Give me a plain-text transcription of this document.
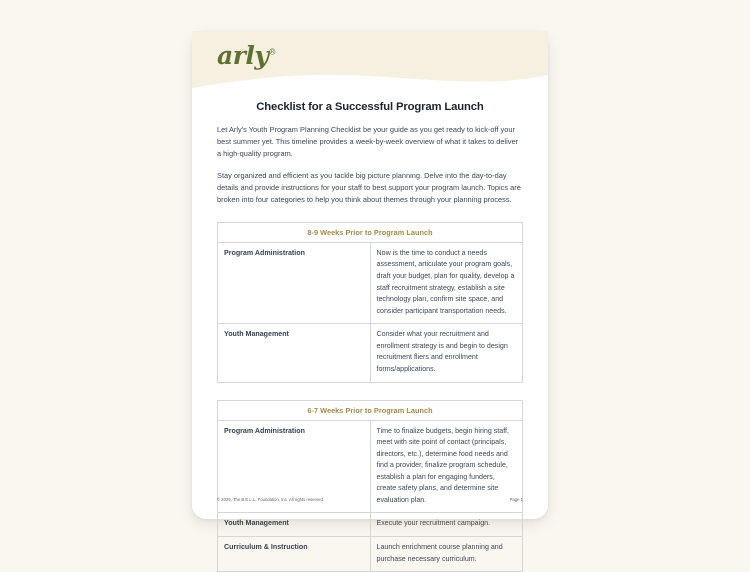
arly®
Checklist for a Successful Program Launch

Let Arly's Youth Program Planning Checklist be your guide as you get ready to kick-off your best summer yet. This timeline provides a week-by-week overview of what it takes to deliver a high-quality program.

Stay organized and efficient as you tackle big picture planning. Delve into the day-to-day details and provide instructions for your staff to best support your program launch. Topics are broken into four categories to help you think about themes through your planning process.

8-9 Weeks Prior to Program Launch	
Program Administration	Now is the time to conduct a needs assessment, articulate your program goals, draft your budget, plan for quality, develop a staff recruitment strategy, establish a site technology plan, confirm site space, and consider participant transportation needs.
Youth Management	Consider what your recruitment and enrollment strategy is and begin to design recruitment fliers and enrollment forms/applications.
6-7 Weeks Prior to Program Launch	
Program Administration	Time to finalize budgets, begin hiring staff, meet with site point of contact (principals, directors, etc.), determine food needs and find a provider, finalize program schedule, establish a plan for engaging funders, create safety plans, and determine site evaluation plan.
Youth Management	Execute your recruitment campaign.
Curriculum & Instruction	Launch enrichment course planning and purchase necessary curriculum.
© 2025, The B.E.L.L. Foundation, Inc. All rights reserved.	Page 1
